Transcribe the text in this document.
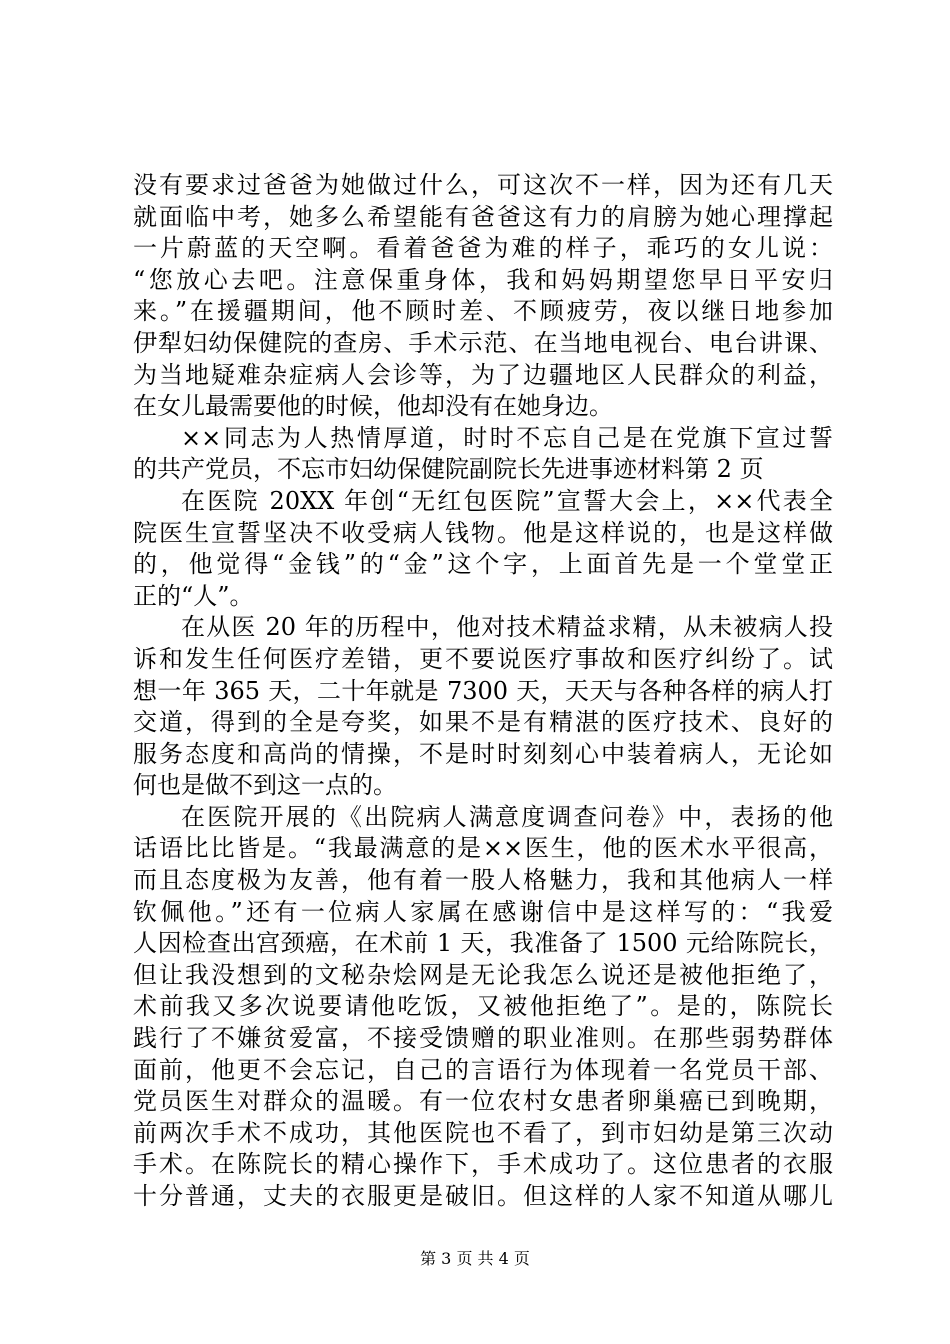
没有要求过爸爸为她做过什么，可这次不一样，因为还有几天
就面临中考，她多么希望能有爸爸这有力的肩膀为她心理撑起
一片蔚蓝的天空啊。看着爸爸为难的样子，乖巧的女儿说：
“您放心去吧。注意保重身体，我和妈妈期望您早日平安归
来。”在援疆期间，他不顾时差、不顾疲劳，夜以继日地参加
伊犁妇幼保健院的查房、手术示范、在当地电视台、电台讲课、
为当地疑难杂症病人会诊等，为了边疆地区人民群众的利益，
在女儿最需要他的时候，他却没有在她身边。
××同志为人热情厚道，时时不忘自己是在党旗下宣过誓
的共产党员，不忘市妇幼保健院副院长先进事迹材料第 2 页
在医院 20XX 年创“无红包医院”宣誓大会上，××代表全
院医生宣誓坚决不收受病人钱物。他是这样说的，也是这样做
的，他觉得“金钱”的“金”这个字，上面首先是一个堂堂正
正的“人”。
在从医 20 年的历程中，他对技术精益求精，从未被病人投
诉和发生任何医疗差错，更不要说医疗事故和医疗纠纷了。试
想一年 365 天，二十年就是 7300 天，天天与各种各样的病人打
交道，得到的全是夸奖，如果不是有精湛的医疗技术、良好的
服务态度和高尚的情操，不是时时刻刻心中装着病人，无论如
何也是做不到这一点的。
在医院开展的《出院病人满意度调查问卷》中，表扬的他
话语比比皆是。“我最满意的是××医生，他的医术水平很高，
而且态度极为友善，他有着一股人格魅力，我和其他病人一样
钦佩他。”还有一位病人家属在感谢信中是这样写的：“我爱
人因检查出宫颈癌，在术前 1 天，我准备了 1500 元给陈院长，
但让我没想到的文秘杂烩网是无论我怎么说还是被他拒绝了，
术前我又多次说要请他吃饭，又被他拒绝了”。是的，陈院长
践行了不嫌贫爱富，不接受馈赠的职业准则。在那些弱势群体
面前，他更不会忘记，自己的言语行为体现着一名党员干部、
党员医生对群众的温暖。有一位农村女患者卵巢癌已到晚期，
前两次手术不成功，其他医院也不看了，到市妇幼是第三次动
手术。在陈院长的精心操作下，手术成功了。这位患者的衣服
十分普通，丈夫的衣服更是破旧。但这样的人家不知道从哪儿
第 3 页 共 4 页
